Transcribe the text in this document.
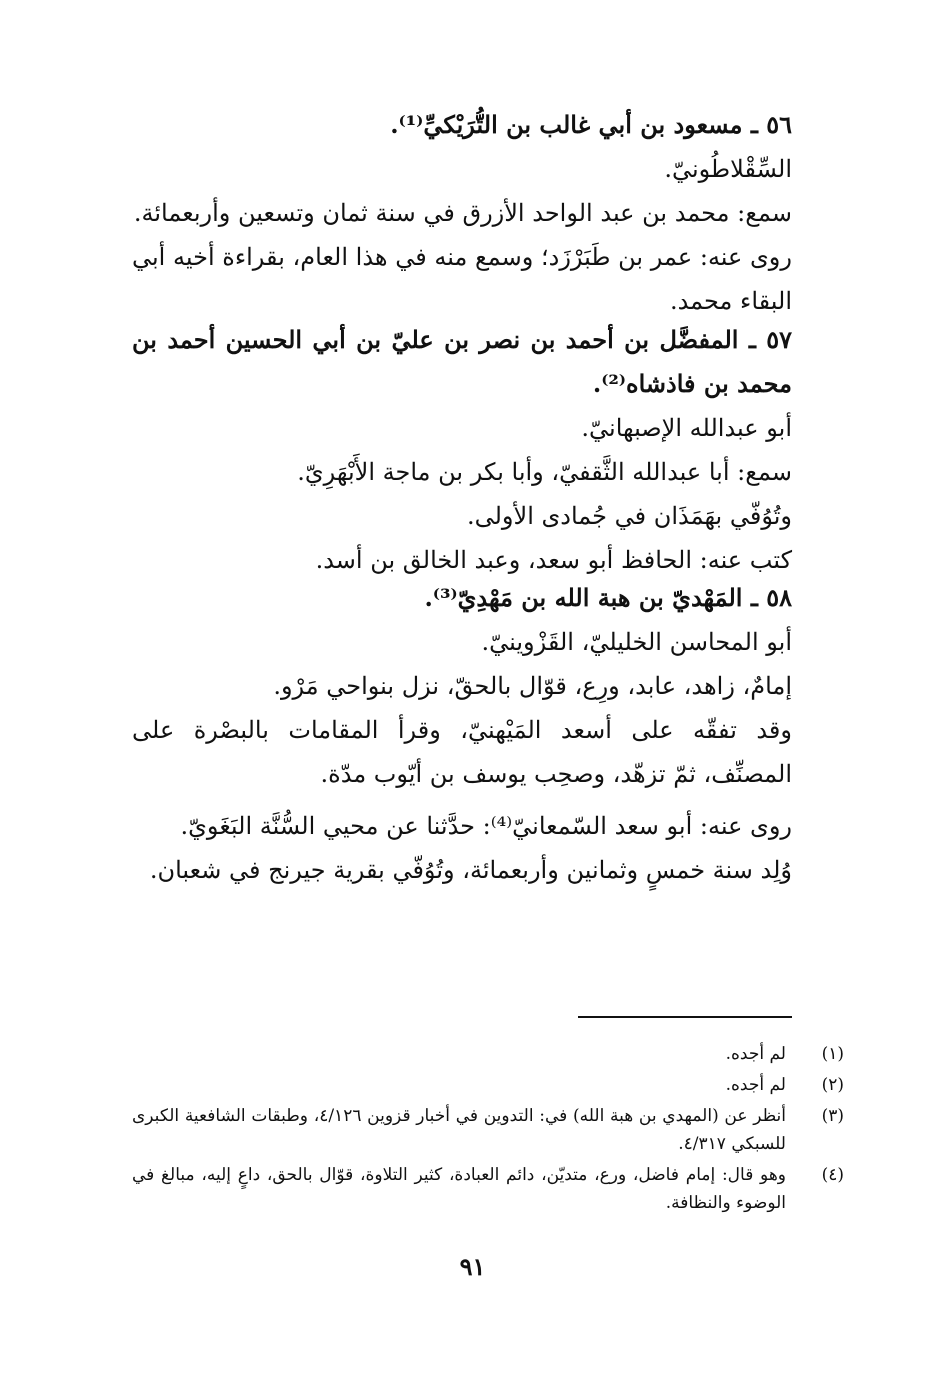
٥٦ ـ مسعود بن أبي غالب بن التُّرَيْكيِّ⁽¹⁾.
السِّقْلاطُونيّ.
سمع: محمد بن عبد الواحد الأزرق في سنة ثمان وتسعين وأربعمائة.
روى عنه: عمر بن طَبَرْزَد؛ وسمع منه في هذا العام، بقراءة أخيه أبي البقاء محمد.
٥٧ ـ المفضَّل بن أحمد بن نصر بن عليّ بن أبي الحسين أحمد بن محمد بن فاذشاه⁽²⁾.
أبو عبدالله الإصبهانيّ.
سمع: أبا عبدالله الثَّقفيّ، وأبا بكر بن ماجة الأَبْهَرِيّ.
وتُوُفّي بهَمَذَان في جُمادى الأولى.
كتب عنه: الحافظ أبو سعد، وعبد الخالق بن أسد.
٥٨ ـ المَهْديّ بن هبة الله بن مَهْدِيّ⁽³⁾.
أبو المحاسن الخليليّ، القَزْوينيّ.
إمامٌ، زاهد، عابد، ورِع، قوّال بالحقّ، نزل بنواحي مَرْو.
وقد تفقّه على أسعد المَيْهنيّ، وقرأ المقامات بالبصْرة على المصنِّف، ثمّ تزهّد، وصحِب يوسف بن أيّوب مدّة.
روى عنه: أبو سعد السّمعانيّ⁽⁴⁾: حدَّثنا عن محيي السُّنَّة البَغَويّ.
وُلِد سنة خمسٍ وثمانين وأربعمائة، وتُوُفّي بقرية جيرنج في شعبان.
(١)
لم أجده.
(٢)
لم أجده.
(٣)
أنظر عن (المهدي بن هبة الله) في: التدوين في أخبار قزوين ٤/١٢٦، وطبقات الشافعية الكبرى للسبكي ٤/٣١٧.
(٤)
وهو قال: إمام فاضل، ورع، متديّن، دائم العبادة، كثير التلاوة، قوّال بالحق، داعٍ إليه، مبالغ في الوضوء والنظافة.
٩١
